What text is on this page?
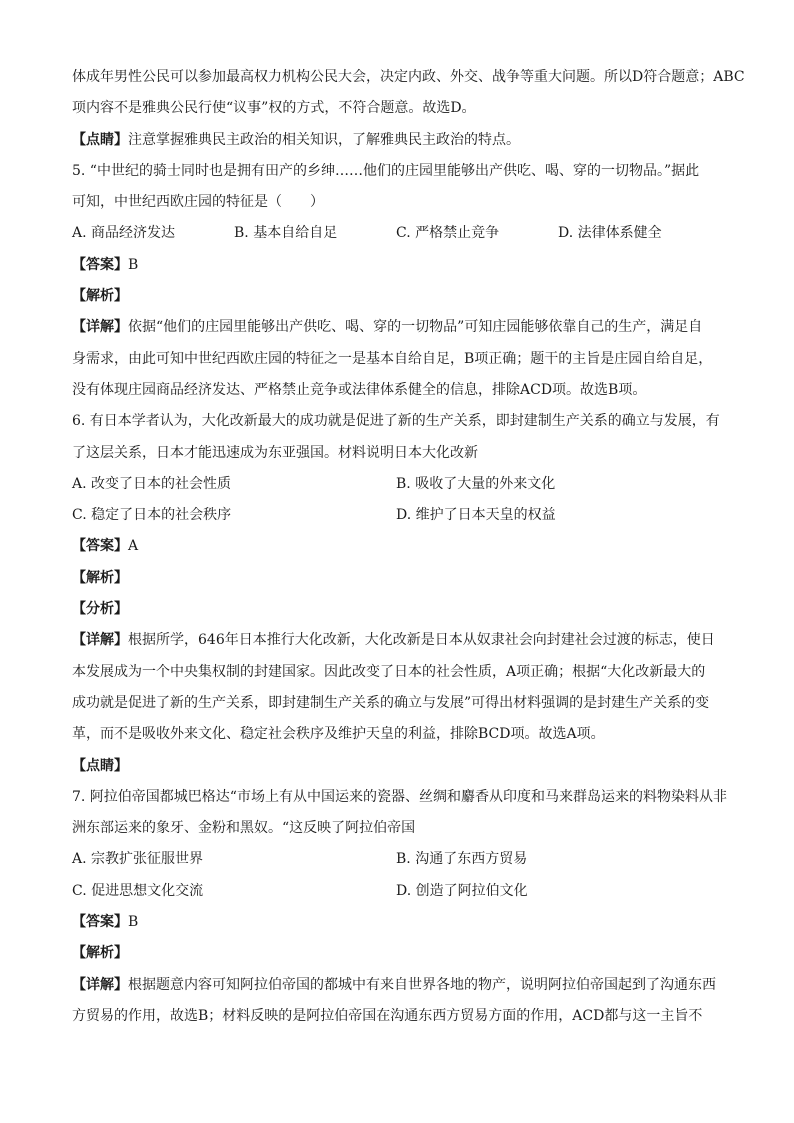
体成年男性公民可以参加最高权力机构公民大会，决定内政、外交、战争等重大问题。所以D符合题意；ABC
项内容不是雅典公民行使“议事”权的方式，不符合题意。故选D。
【点睛】注意掌握雅典民主政治的相关知识，了解雅典民主政治的特点。
5. “中世纪的骑士同时也是拥有田产的乡绅……他们的庄园里能够出产供吃、喝、穿的一切物品。”据此
可知，中世纪西欧庄园的特征是（　　）
A. 商品经济发达	B. 基本自给自足	C. 严格禁止竞争	D. 法律体系健全
【答案】B
【解析】
【详解】依据“他们的庄园里能够出产供吃、喝、穿的一切物品”可知庄园能够依靠自己的生产，满足自
身需求，由此可知中世纪西欧庄园的特征之一是基本自给自足，B项正确；题干的主旨是庄园自给自足，
没有体现庄园商品经济发达、严格禁止竞争或法律体系健全的信息，排除ACD项。故选B项。
6. 有日本学者认为，大化改新最大的成功就是促进了新的生产关系，即封建制生产关系的确立与发展，有
了这层关系，日本才能迅速成为东亚强国。材料说明日本大化改新
A. 改变了日本的社会性质	B. 吸收了大量的外来文化
C. 稳定了日本的社会秩序	D. 维护了日本天皇的权益
【答案】A
【解析】
【分析】
【详解】根据所学，646年日本推行大化改新，大化改新是日本从奴隶社会向封建社会过渡的标志，使日
本发展成为一个中央集权制的封建国家。因此改变了日本的社会性质，A项正确；根据“大化改新最大的
成功就是促进了新的生产关系，即封建制生产关系的确立与发展”可得出材料强调的是封建生产关系的变
革，而不是吸收外来文化、稳定社会秩序及维护天皇的利益，排除BCD项。故选A项。
【点睛】
7. 阿拉伯帝国都城巴格达“市场上有从中国运来的瓷器、丝绸和麝香从印度和马来群岛运来的料物染料从非
洲东部运来的象牙、金粉和黑奴。“这反映了阿拉伯帝国
A. 宗教扩张征服世界	B. 沟通了东西方贸易
C. 促进思想文化交流	D. 创造了阿拉伯文化
【答案】B
【解析】
【详解】根据题意内容可知阿拉伯帝国的都城中有来自世界各地的物产，说明阿拉伯帝国起到了沟通东西
方贸易的作用，故选B；材料反映的是阿拉伯帝国在沟通东西方贸易方面的作用，ACD都与这一主旨不
